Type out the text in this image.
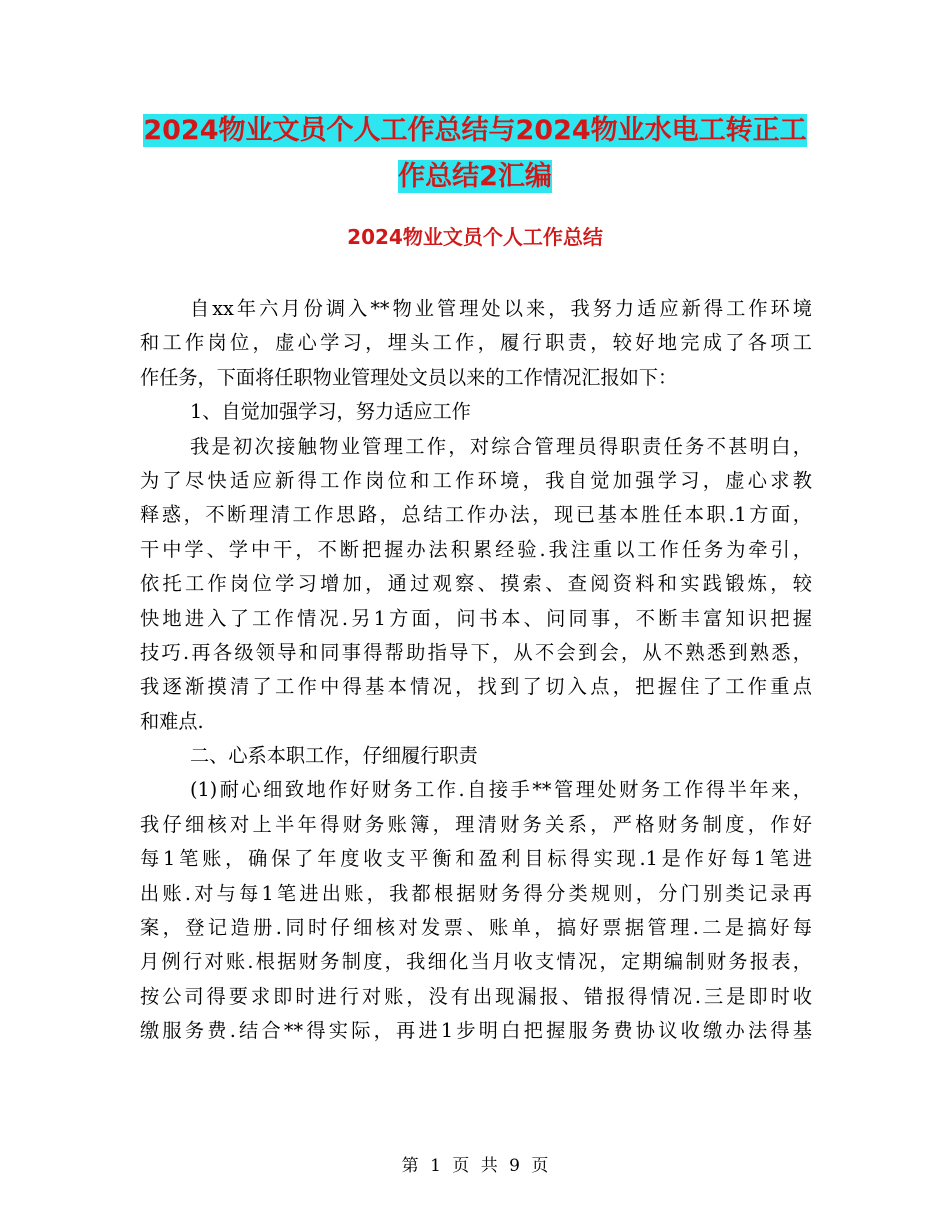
2024物业文员个人工作总结与2024物业水电工转正工
作总结2汇编
2024物业文员个人工作总结
自xx年六月份调入**物业管理处以来，我努力适应新得工作环境
和工作岗位，虚心学习，埋头工作，履行职责，较好地完成了各项工
作任务，下面将任职物业管理处文员以来的工作情况汇报如下：
1、自觉加强学习，努力适应工作
我是初次接触物业管理工作，对综合管理员得职责任务不甚明白，
为了尽快适应新得工作岗位和工作环境，我自觉加强学习，虚心求教
释惑，不断理清工作思路，总结工作办法，现已基本胜任本职.1方面，
干中学、学中干，不断把握办法积累经验.我注重以工作任务为牵引，
依托工作岗位学习增加，通过观察、摸索、查阅资料和实践锻炼，较
快地进入了工作情况.另1方面，问书本、问同事，不断丰富知识把握
技巧.再各级领导和同事得帮助指导下，从不会到会，从不熟悉到熟悉，
我逐渐摸清了工作中得基本情况，找到了切入点，把握住了工作重点
和难点.
二、心系本职工作，仔细履行职责
(1)耐心细致地作好财务工作.自接手**管理处财务工作得半年来，
我仔细核对上半年得财务账簿，理清财务关系，严格财务制度，作好
每1笔账，确保了年度收支平衡和盈利目标得实现.1是作好每1笔进
出账.对与每1笔进出账，我都根据财务得分类规则，分门别类记录再
案，登记造册.同时仔细核对发票、账单，搞好票据管理.二是搞好每
月例行对账.根据财务制度，我细化当月收支情况，定期编制财务报表，
按公司得要求即时进行对账，没有出现漏报、错报得情况.三是即时收
缴服务费.结合**得实际，再进1步明白把握服务费协议收缴办法得基
第 1 页 共 9 页
